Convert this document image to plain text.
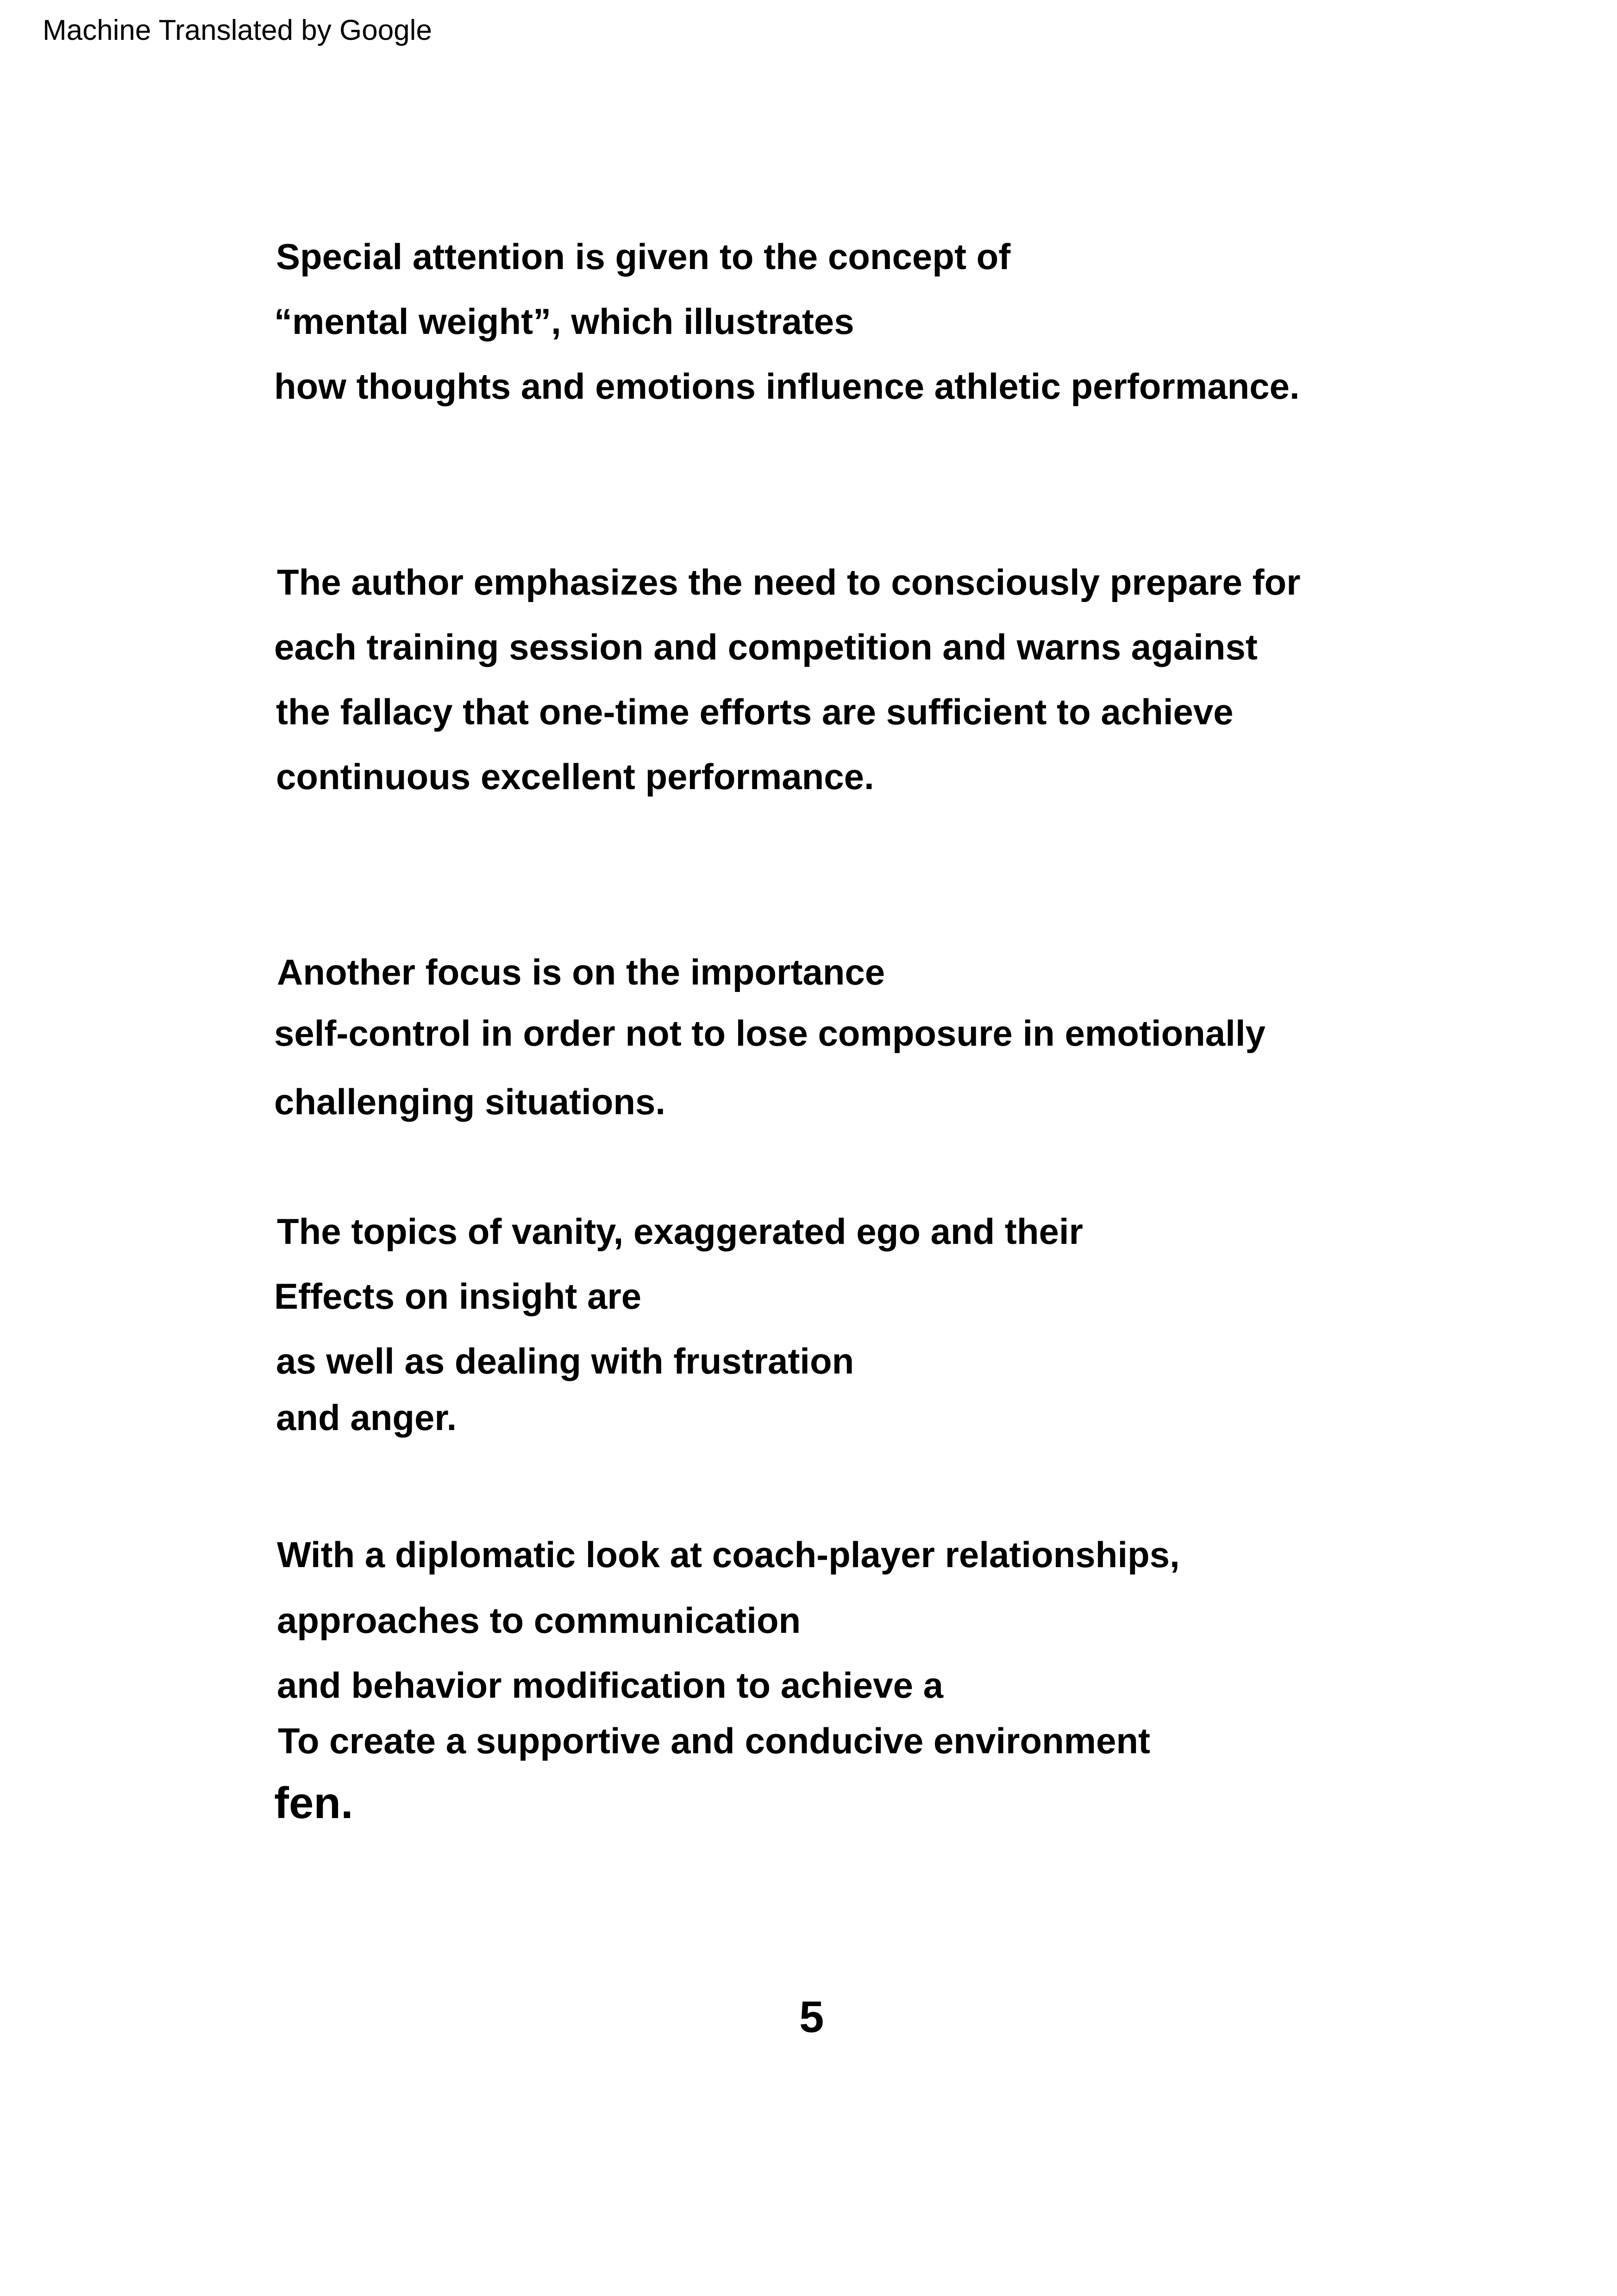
Machine Translated by Google
Special attention is given to the concept of
“mental weight”, which illustrates
how thoughts and emotions influence athletic performance.
The author emphasizes the need to consciously prepare for
each training session and competition and warns against
the fallacy that one-time efforts are sufficient to achieve
continuous excellent performance.
Another focus is on the importance
self-control in order not to lose composure in emotionally
challenging situations.
The topics of vanity, exaggerated ego and their
Effects on insight are
as well as dealing with frustration
and anger.
With a diplomatic look at coach-player relationships,
approaches to communication
and behavior modification to achieve a
To create a supportive and conducive environment
fen.
5
